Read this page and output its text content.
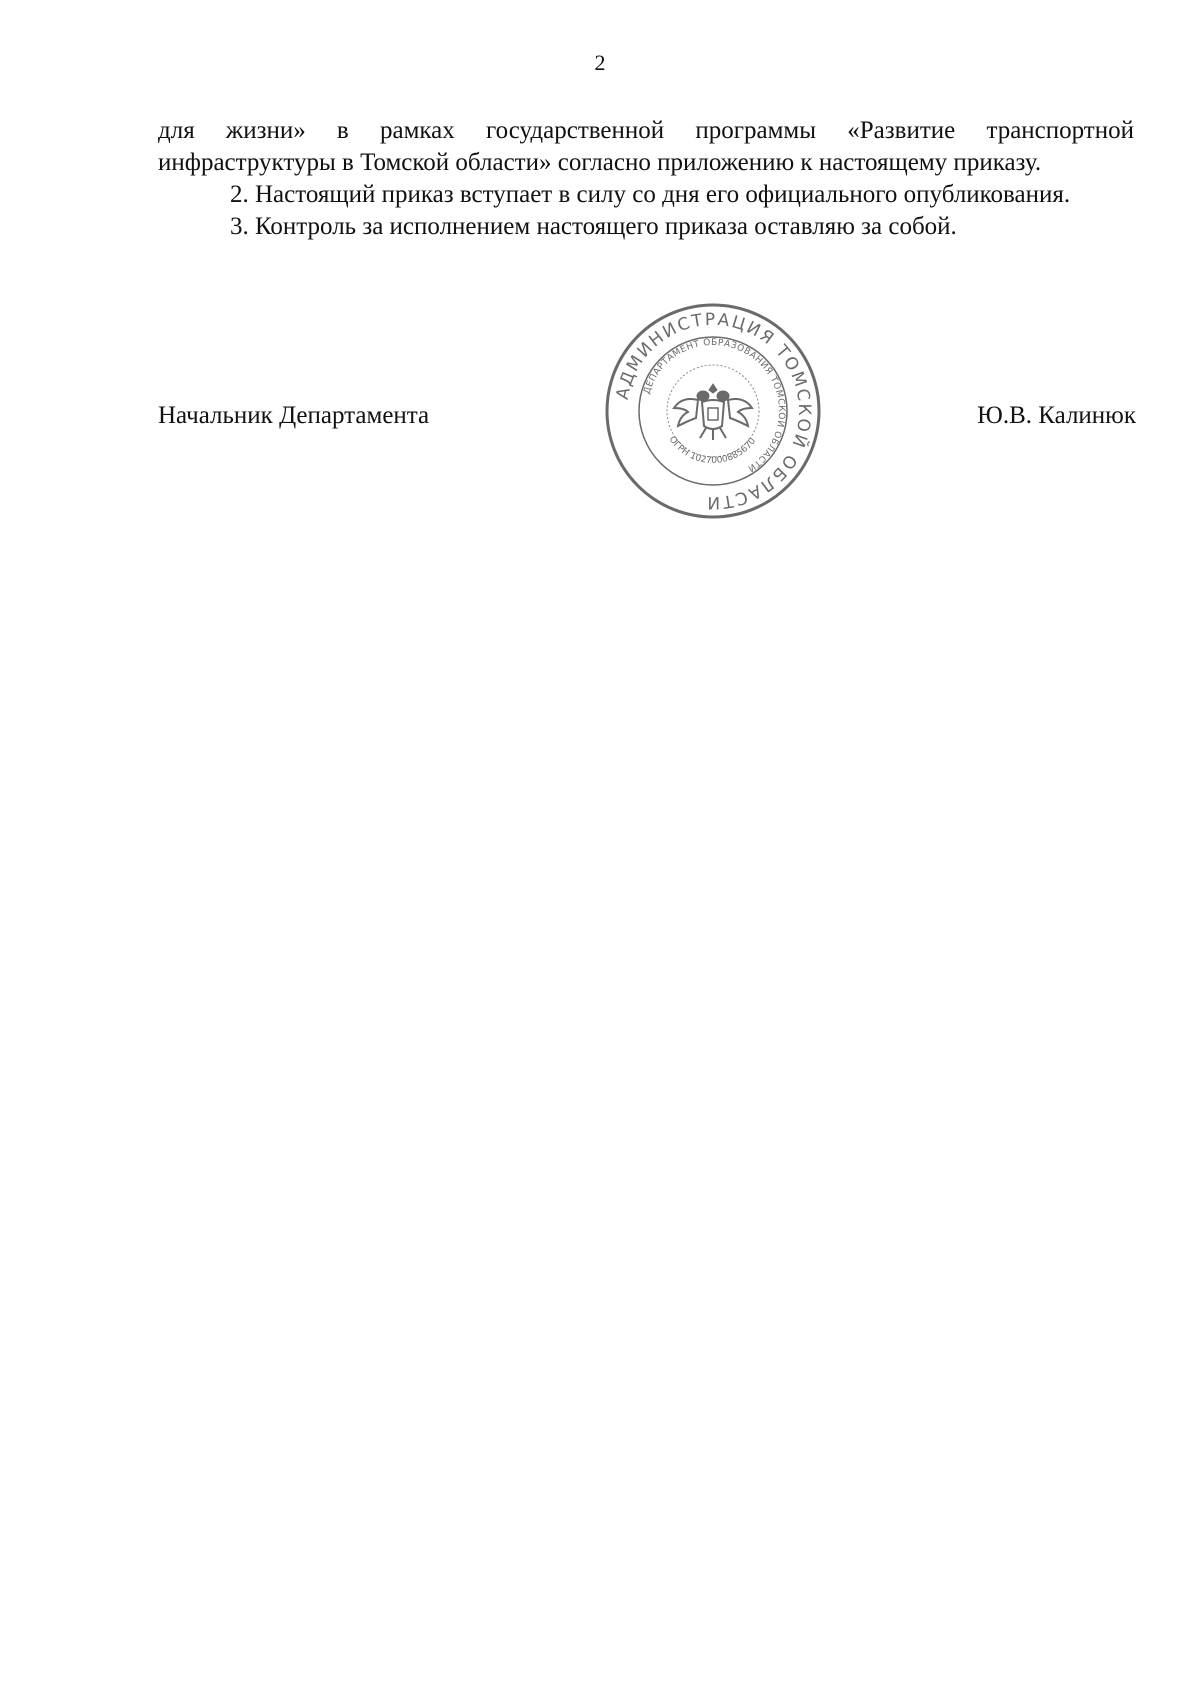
2

для жизни» в рамках государственной программы «Развитие транспортной инфраструктуры в Томской области» согласно приложению к настоящему приказу.

2. Настоящий приказ вступает в силу со дня его официального опубликования.

3. Контроль за исполнением настоящего приказа оставляю за собой.

Начальник Департамента
АДМИНИСТРАЦИЯ ТОМСКОЙ ОБЛАСТИ
ДЕПАРТАМЕНТ ОБРАЗОВАНИЯ ТОМСКОЙ ОБЛАСТИ
ОГРН 1027000885670
Ю.В. Калинюк
